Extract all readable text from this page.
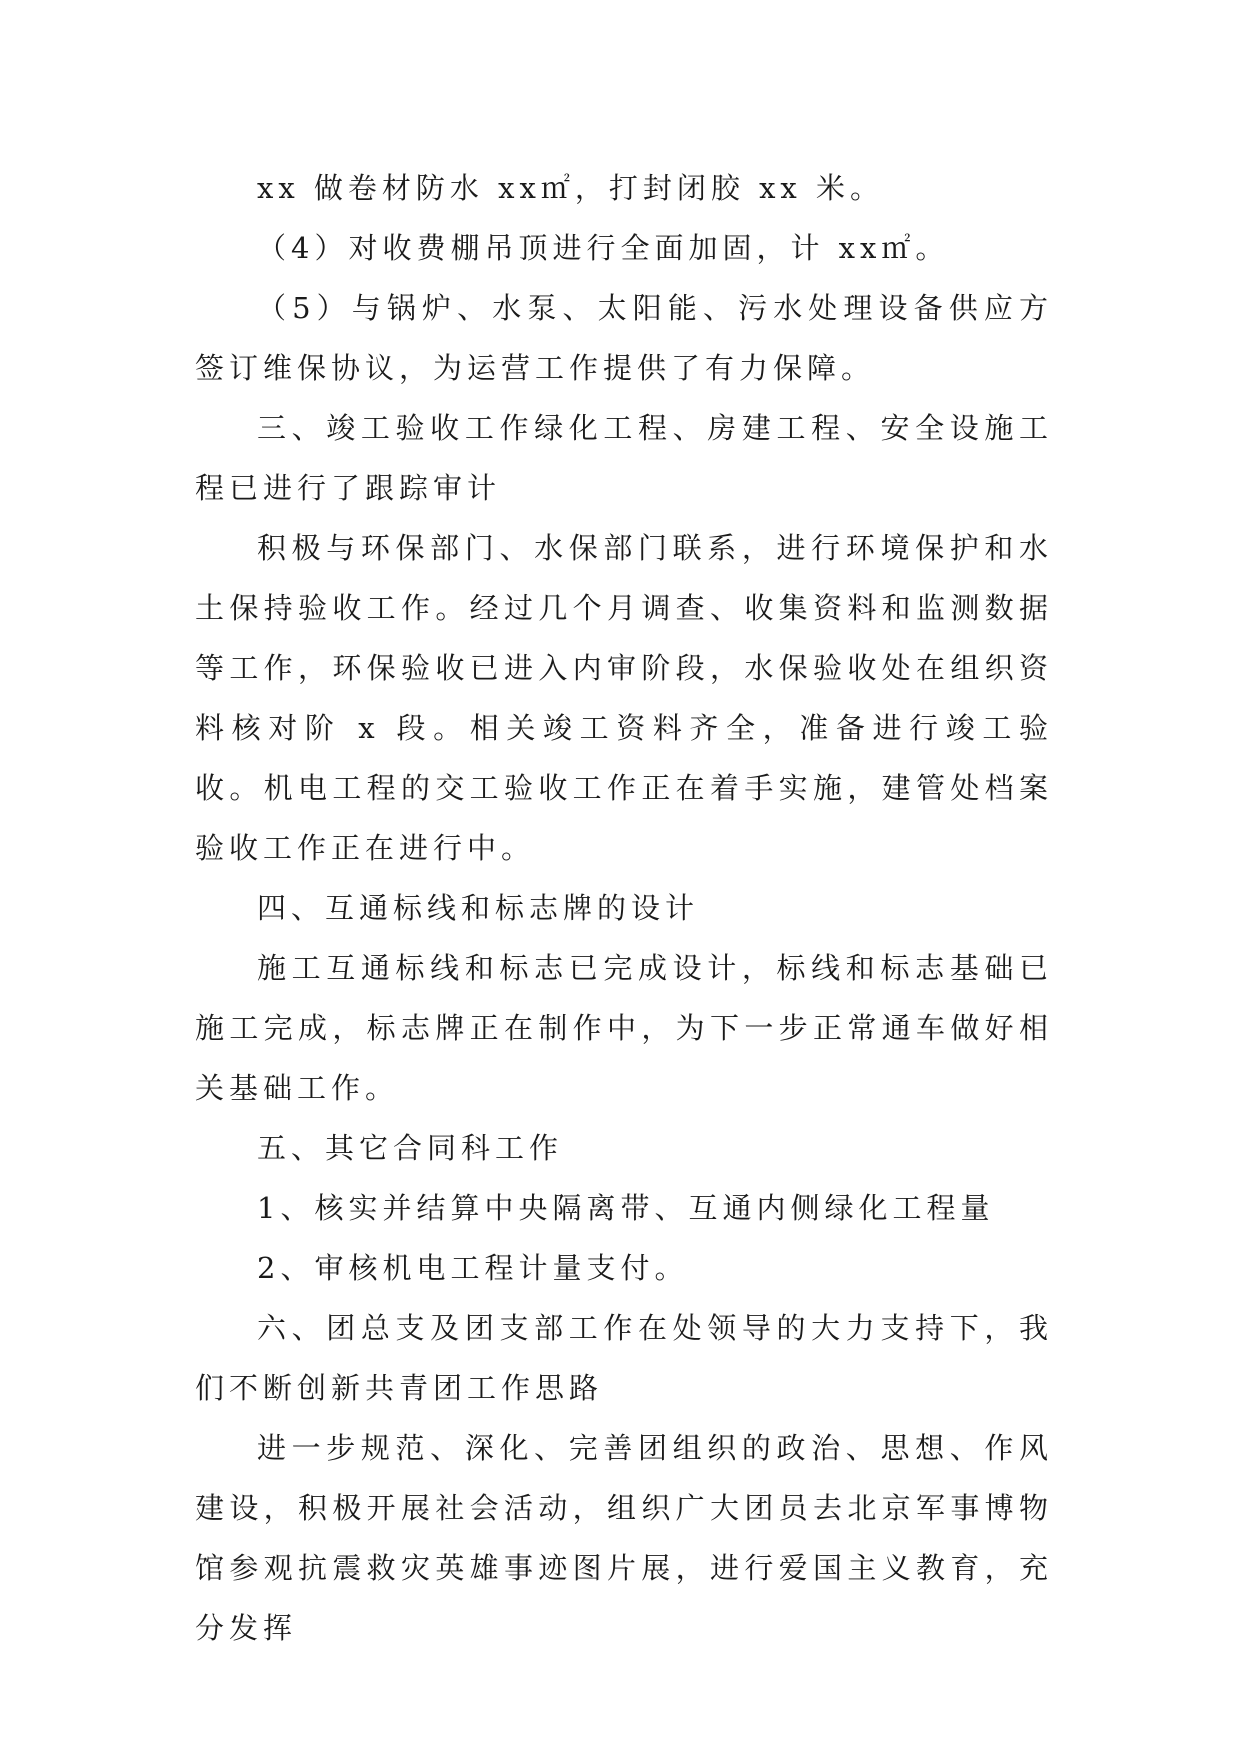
xx 做卷材防水 xx㎡，打封闭胶 xx 米。

（4）对收费棚吊顶进行全面加固，计 xx㎡。

（5）与锅炉、水泵、太阳能、污水处理设备供应方签订维保协议，为运营工作提供了有力保障。

三、竣工验收工作绿化工程、房建工程、安全设施工程已进行了跟踪审计

积极与环保部门、水保部门联系，进行环境保护和水土保持验收工作。经过几个月调查、收集资料和监测数据等工作，环保验收已进入内审阶段，水保验收处在组织资料核对阶 x 段。相关竣工资料齐全，准备进行竣工验收。机电工程的交工验收工作正在着手实施，建管处档案验收工作正在进行中。

四、互通标线和标志牌的设计

施工互通标线和标志已完成设计，标线和标志基础已施工完成，标志牌正在制作中，为下一步正常通车做好相关基础工作。

五、其它合同科工作

1、核实并结算中央隔离带、互通内侧绿化工程量

2、审核机电工程计量支付。

六、团总支及团支部工作在处领导的大力支持下，我们不断创新共青团工作思路

进一步规范、深化、完善团组织的政治、思想、作风建设，积极开展社会活动，组织广大团员去北京军事博物馆参观抗震救灾英雄事迹图片展，进行爱国主义教育，充分发挥
